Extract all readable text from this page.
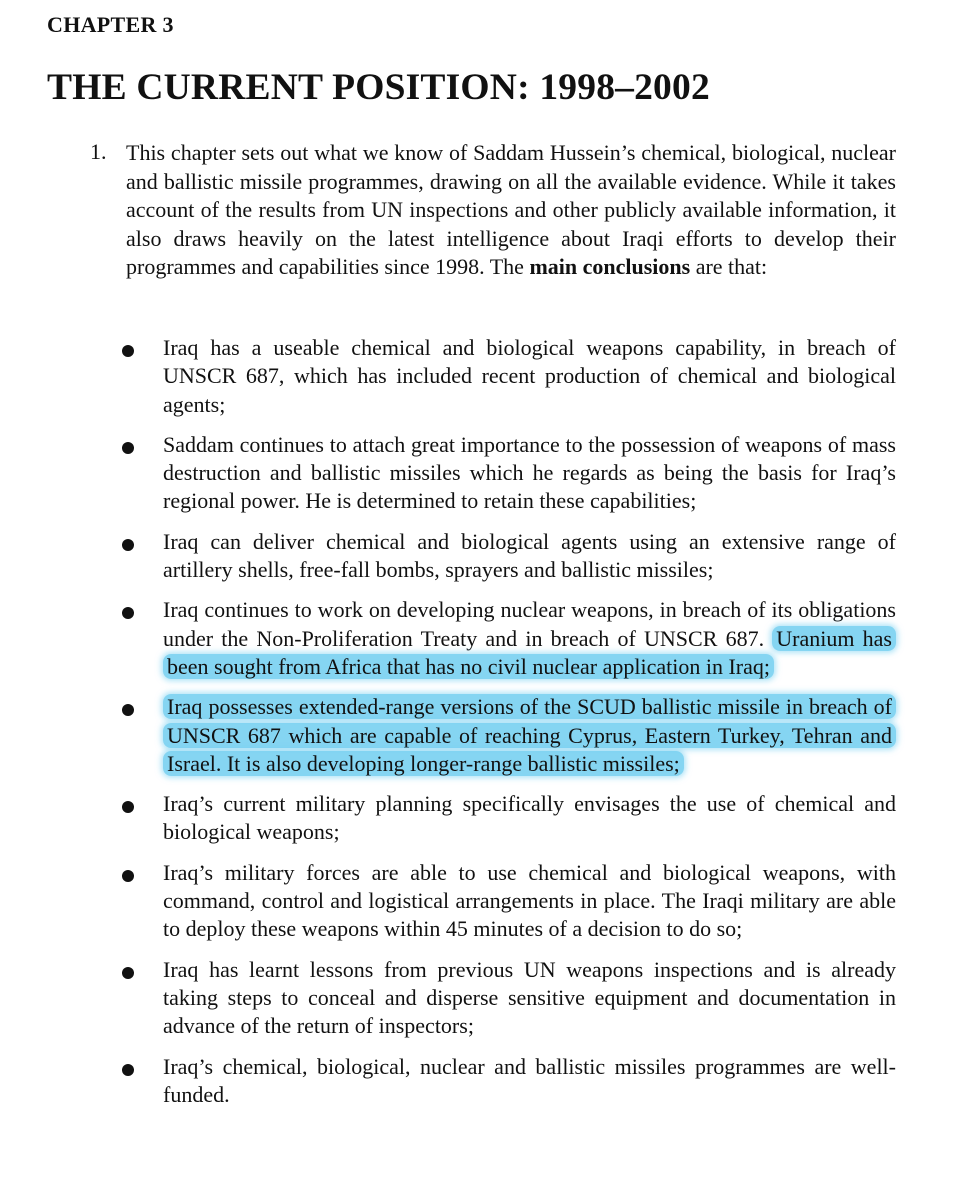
CHAPTER 3
THE CURRENT POSITION: 1998–2002
1. This chapter sets out what we know of Saddam Hussein’s chemical, biological, nuclear and ballistic missile programmes, drawing on all the available evidence. While it takes account of the results from UN inspections and other publicly available information, it also draws heavily on the latest intelligence about Iraqi efforts to develop their programmes and capabilities since 1998. The main conclusions are that:
Iraq has a useable chemical and biological weapons capability, in breach of UNSCR 687, which has included recent production of chemical and biological agents;
Saddam continues to attach great importance to the possession of weapons of mass destruction and ballistic missiles which he regards as being the basis for Iraq’s regional power. He is determined to retain these capabilities;
Iraq can deliver chemical and biological agents using an extensive range of artillery shells, free-fall bombs, sprayers and ballistic missiles;
Iraq continues to work on developing nuclear weapons, in breach of its obligations under the Non-Proliferation Treaty and in breach of UNSCR 687. Uranium has been sought from Africa that has no civil nuclear application in Iraq;
Iraq possesses extended-range versions of the SCUD ballistic missile in breach of UNSCR 687 which are capable of reaching Cyprus, Eastern Turkey, Tehran and Israel. It is also developing longer-range ballistic missiles;
Iraq’s current military planning specifically envisages the use of chemical and biological weapons;
Iraq’s military forces are able to use chemical and biological weapons, with command, control and logistical arrangements in place. The Iraqi military are able to deploy these weapons within 45 minutes of a decision to do so;
Iraq has learnt lessons from previous UN weapons inspections and is already taking steps to conceal and disperse sensitive equipment and documentation in advance of the return of inspectors;
Iraq’s chemical, biological, nuclear and ballistic missiles programmes are well-funded.
